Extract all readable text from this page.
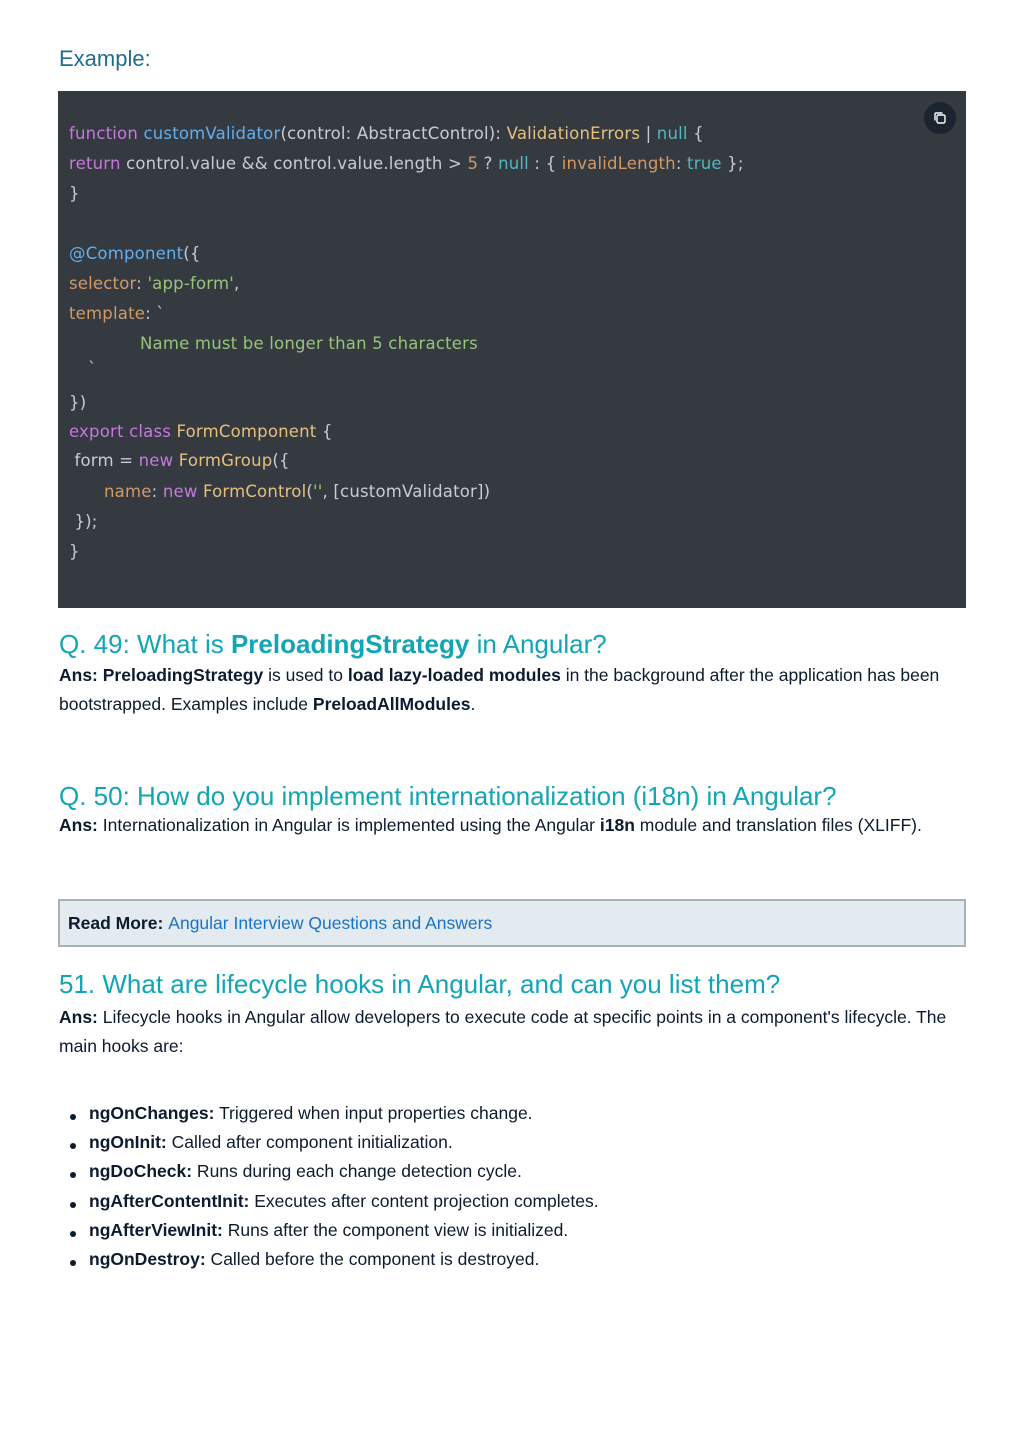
Example:
function customValidator(control: AbstractControl): ValidationErrors | null {
return control.value && control.value.length > 5 ? null : { invalidLength: true };
}
@Component({
selector: 'app-form',
template: `
Name must be longer than 5 characters
`
})
export class FormComponent {
form = new FormGroup({
name: new FormControl('', [customValidator])
});
}
Q. 49: What is PreloadingStrategy in Angular?

Ans: PreloadingStrategy is used to load lazy-loaded modules in the background after the application has been bootstrapped. Examples include PreloadAllModules.

Q. 50: How do you implement internationalization (i18n) in Angular?

Ans: Internationalization in Angular is implemented using the Angular i18n module and translation files (XLIFF).

Read More: Angular Interview Questions and Answers
51. What are lifecycle hooks in Angular, and can you list them?

Ans: Lifecycle hooks in Angular allow developers to execute code at specific points in a component's lifecycle. The main hooks are:

ngOnChanges: Triggered when input properties change.
ngOnInit: Called after component initialization.
ngDoCheck: Runs during each change detection cycle.
ngAfterContentInit: Executes after content projection completes.
ngAfterViewInit: Runs after the component view is initialized.
ngOnDestroy: Called before the component is destroyed.
